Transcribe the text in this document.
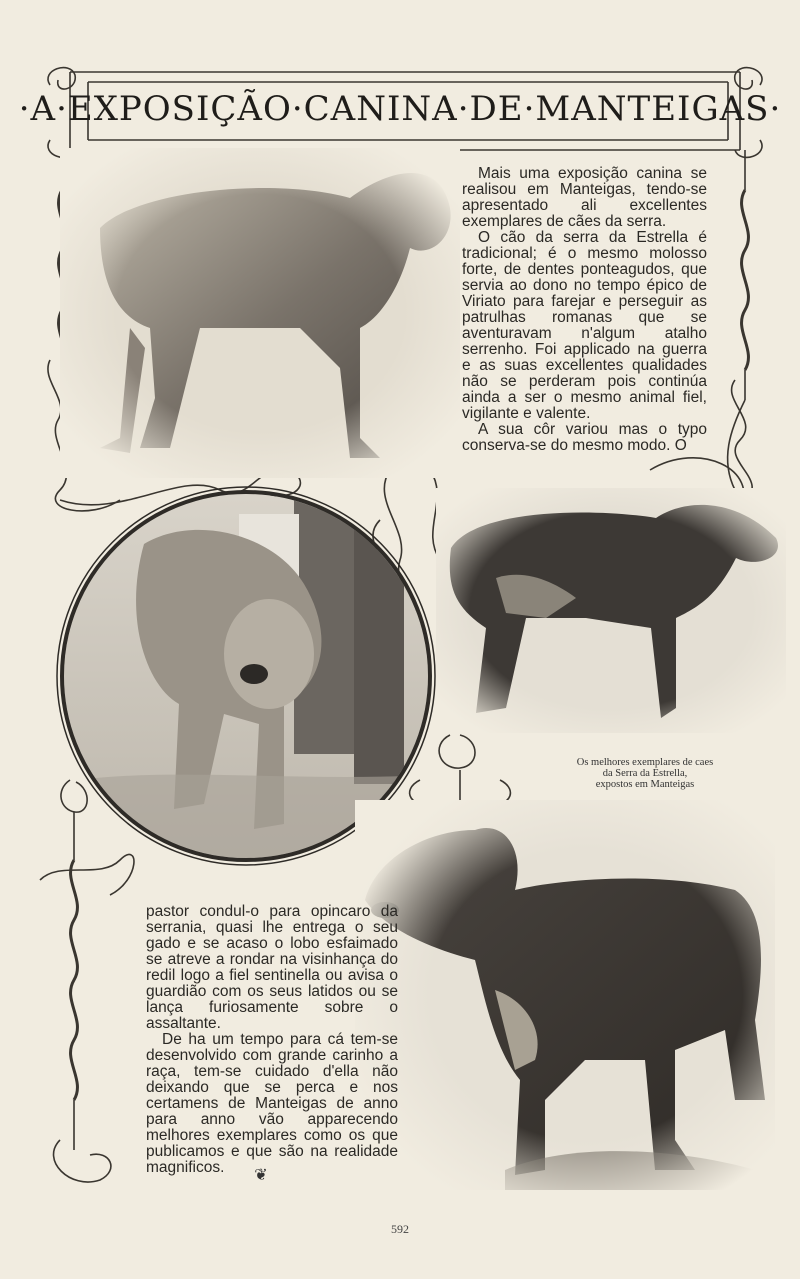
·A·EXPOSIÇÃO·CANINA·DE·MANTEIGAS·
Os melhores exemplares de caes
da Serra da Estrella,
expostos em Manteigas

Mais uma exposição canina se realisou em Manteigas, tendo-se apresentado ali excellentes exemplares de cães da serra.

O cão da serra da Estrella é tradicional; é o mesmo molosso forte, de dentes ponteagudos, que servia ao dono no tempo épico de Viriato para farejar e perseguir as patrulhas romanas que se aventuravam n'algum atalho serrenho. Foi applicado na guerra e as suas excellentes qualidades não se perderam pois continúa ainda a ser o mesmo animal fiel, vigilante e valente.

A sua côr variou mas o typo conserva-se do mesmo modo. O

pastor condul-o para opincaro da serrania, quasi lhe entrega o seu gado e se acaso o lobo esfaimado se atreve a rondar na visinhança do redil logo a fiel sentinella ou avisa o guardião com os seus latidos ou se lança furiosamente sobre o assaltante.

De ha um tempo para cá tem-se desenvolvido com grande carinho a raça, tem-se cuidado d'ella não deixando que se perca e nos certamens de Manteigas de anno para anno vão apparecendo melhores exemplares como os que publicamos e que são na realidade magnificos.	❦
592
